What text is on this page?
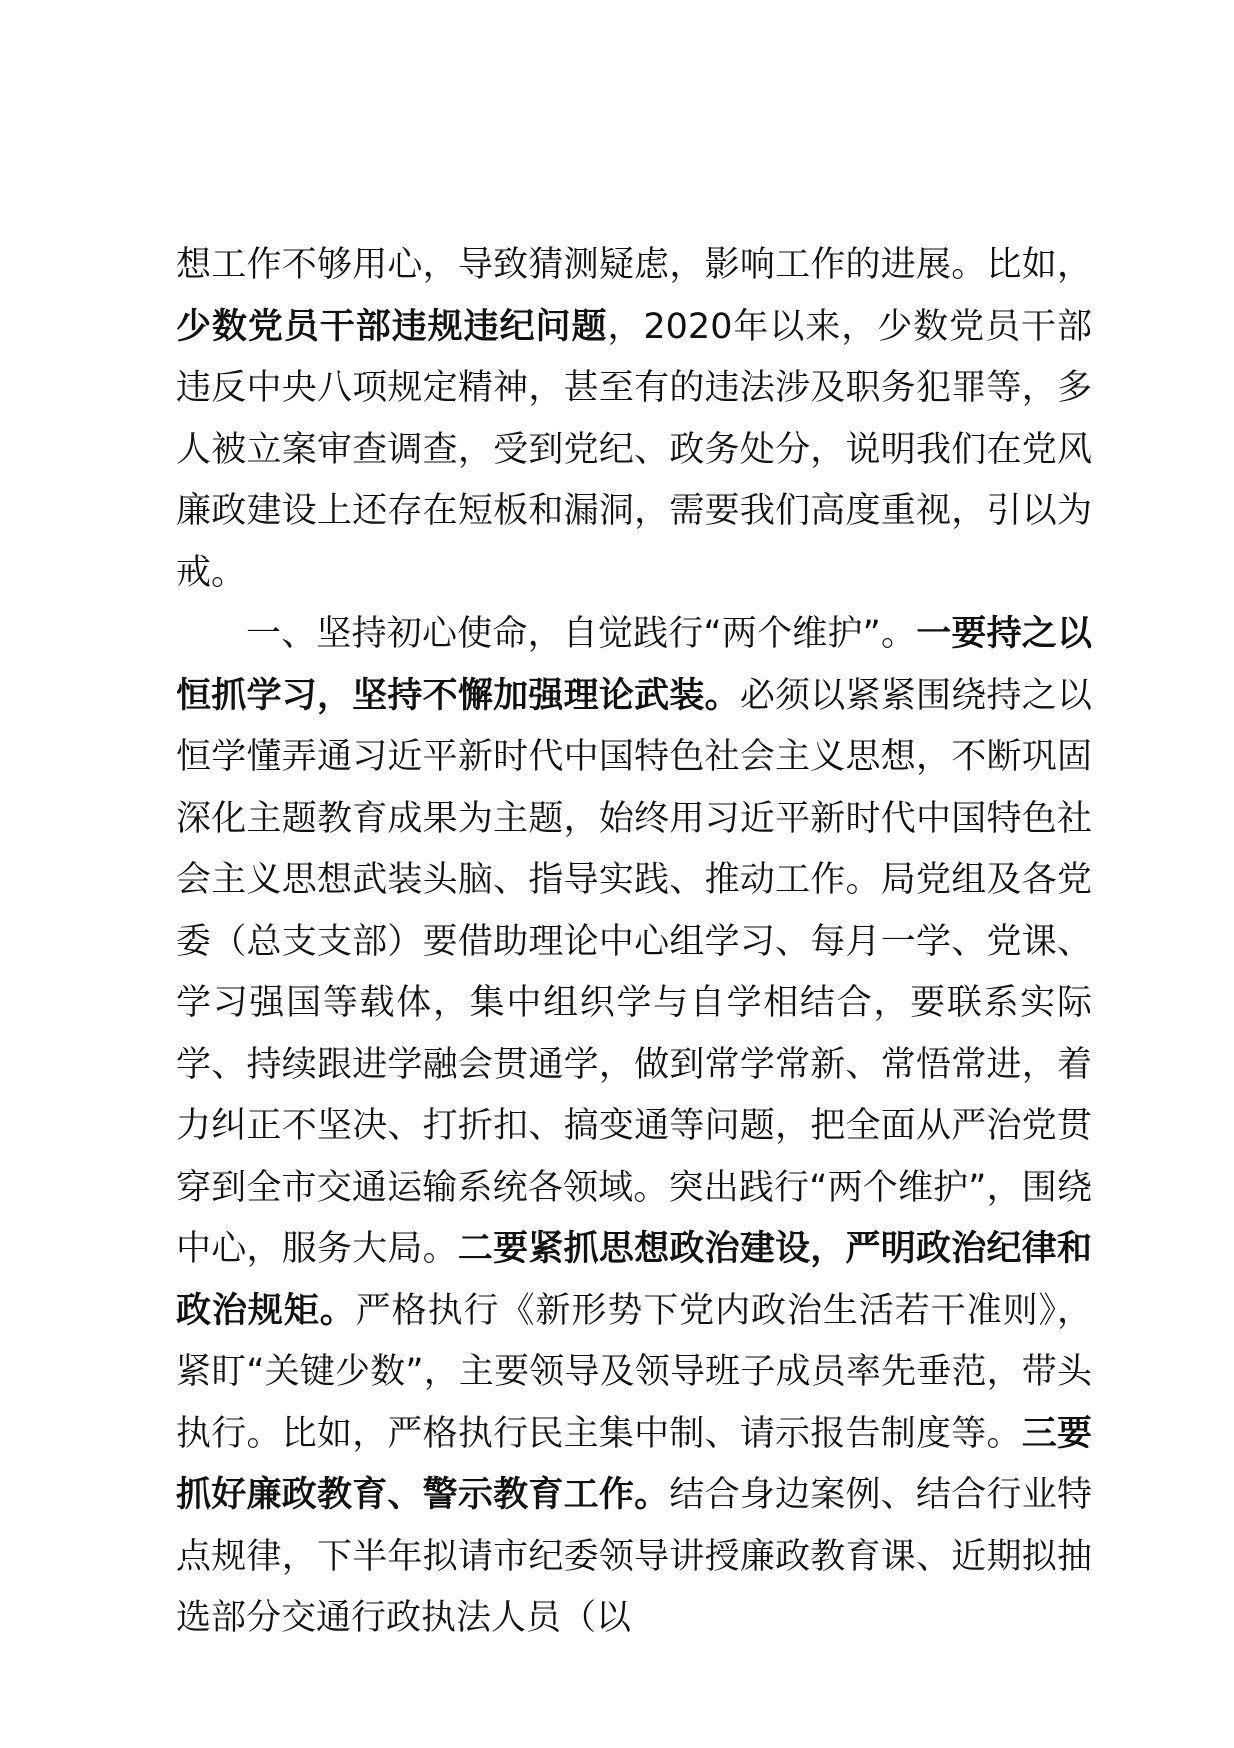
想工作不够用心，导致猜测疑虑，影响工作的进展。比如，少数党员干部违规违纪问题，2020年以来，少数党员干部违反中央八项规定精神，甚至有的违法涉及职务犯罪等，多人被立案审查调查，受到党纪、政务处分，说明我们在党风廉政建设上还存在短板和漏洞，需要我们高度重视，引以为戒。

一、坚持初心使命，自觉践行“两个维护”。一要持之以恒抓学习，坚持不懈加强理论武装。必须以紧紧围绕持之以恒学懂弄通习近平新时代中国特色社会主义思想，不断巩固深化主题教育成果为主题，始终用习近平新时代中国特色社会主义思想武装头脑、指导实践、推动工作。局党组及各党委（总支支部）要借助理论中心组学习、每月一学、党课、学习强国等载体，集中组织学与自学相结合，要联系实际学、持续跟进学融会贯通学，做到常学常新、常悟常进，着力纠正不坚决、打折扣、搞变通等问题，把全面从严治党贯穿到全市交通运输系统各领域。突出践行“两个维护”，围绕中心，服务大局。二要紧抓思想政治建设，严明政治纪律和政治规矩。严格执行《新形势下党内政治生活若干准则》，紧盯“关键少数”，主要领导及领导班子成员率先垂范，带头执行。比如，严格执行民主集中制、请示报告制度等。三要抓好廉政教育、警示教育工作。结合身边案例、结合行业特点规律，下半年拟请市纪委领导讲授廉政教育课、近期拟抽选部分交通行政执法人员（以
